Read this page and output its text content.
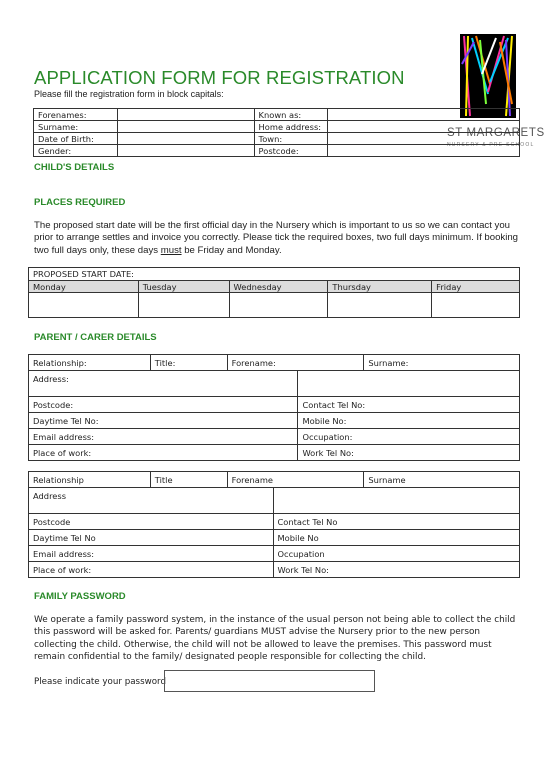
APPLICATION FORM FOR REGISTRATION
Please fill the registration form in block capitals:
ST MARGARETS
NURSERY & PRE-SCHOOL
Forenames:		Known as:	
Surname:		Home address:	
Date of Birth:		Town:	
Gender:		Postcode:	
CHILD'S DETAILS
PLACES REQUIRED
The proposed start date will be the first official day in the Nursery which is important to us so we can contact you prior to arrange settles and invoice you correctly. Please tick the required boxes, two full days minimum. If booking two full days only, these days must be Friday and Monday.
PROPOSED START DATE:				
Monday	Tuesday	Wednesday	Thursday	Friday

PARENT / CARER DETAILS
Relationship:	Title:	Forename:		Surname:
Address:				
Postcode:			Contact Tel No:	
Daytime Tel No:			Mobile No:	
Email address:			Occupation:	
Place of work:			Work Tel No:	
Relationship	Title	Forename		Surname
Address				
Postcode			Contact Tel No	
Daytime Tel No			Mobile No	
Email address:			Occupation	
Place of work:			Work Tel No:	
FAMILY PASSWORD
We operate a family password system, in the instance of the usual person not being able to collect the child this password will be asked for. Parents/ guardians MUST advise the Nursery prior to the new person collecting the child. Otherwise, the child will not be allowed to leave the premises. This password must remain confidential to the family/ designated people responsible for collecting the child.
Please indicate your password
